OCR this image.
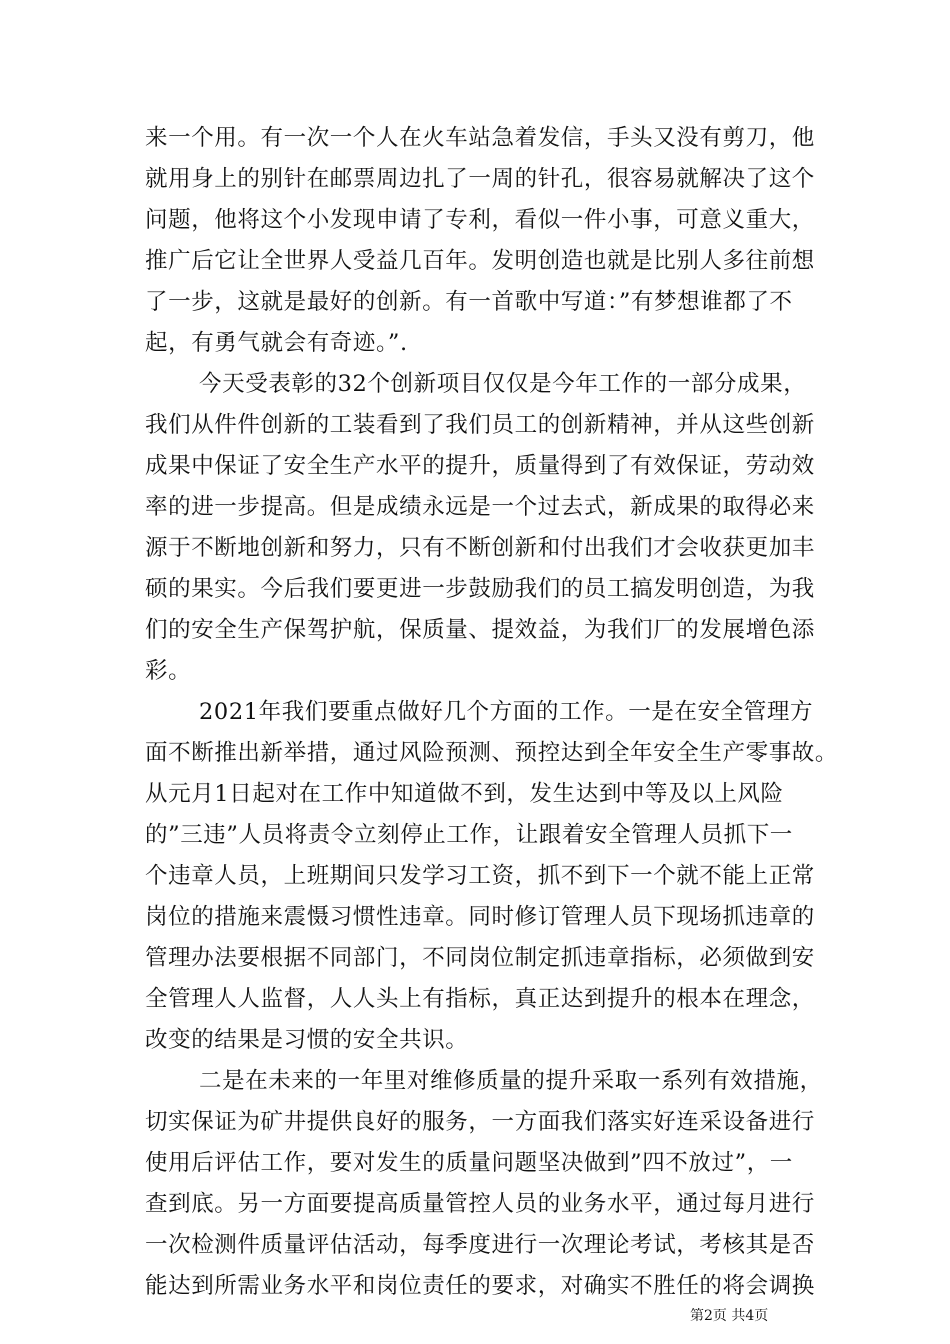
来一个用。有一次一个人在火车站急着发信，手头又没有剪刀，他
就用身上的别针在邮票周边扎了一周的针孔，很容易就解决了这个
问题，他将这个小发现申请了专利，看似一件小事，可意义重大，
推广后它让全世界人受益几百年。发明创造也就是比别人多往前想
了一步，这就是最好的创新。有一首歌中写道：”有梦想谁都了不
起，有勇气就会有奇迹。”.
今天受表彰的32个创新项目仅仅是今年工作的一部分成果，
我们从件件创新的工装看到了我们员工的创新精神，并从这些创新
成果中保证了安全生产水平的提升，质量得到了有效保证，劳动效
率的进一步提高。但是成绩永远是一个过去式，新成果的取得必来
源于不断地创新和努力，只有不断创新和付出我们才会收获更加丰
硕的果实。今后我们要更进一步鼓励我们的员工搞发明创造，为我
们的安全生产保驾护航，保质量、提效益，为我们厂的发展增色添
彩。
2021年我们要重点做好几个方面的工作。一是在安全管理方
面不断推出新举措，通过风险预测、预控达到全年安全生产零事故。
从元月1日起对在工作中知道做不到，发生达到中等及以上风险
的”三违”人员将责令立刻停止工作，让跟着安全管理人员抓下一
个违章人员，上班期间只发学习工资，抓不到下一个就不能上正常
岗位的措施来震慑习惯性违章。同时修订管理人员下现场抓违章的
管理办法要根据不同部门，不同岗位制定抓违章指标，必须做到安
全管理人人监督，人人头上有指标，真正达到提升的根本在理念，
改变的结果是习惯的安全共识。
二是在未来的一年里对维修质量的提升采取一系列有效措施，
切实保证为矿井提供良好的服务，一方面我们落实好连采设备进行
使用后评估工作，要对发生的质量问题坚决做到”四不放过”，一
查到底。另一方面要提高质量管控人员的业务水平，通过每月进行
一次检测件质量评估活动，每季度进行一次理论考试，考核其是否
能达到所需业务水平和岗位责任的要求，对确实不胜任的将会调换
第2页 共4页
